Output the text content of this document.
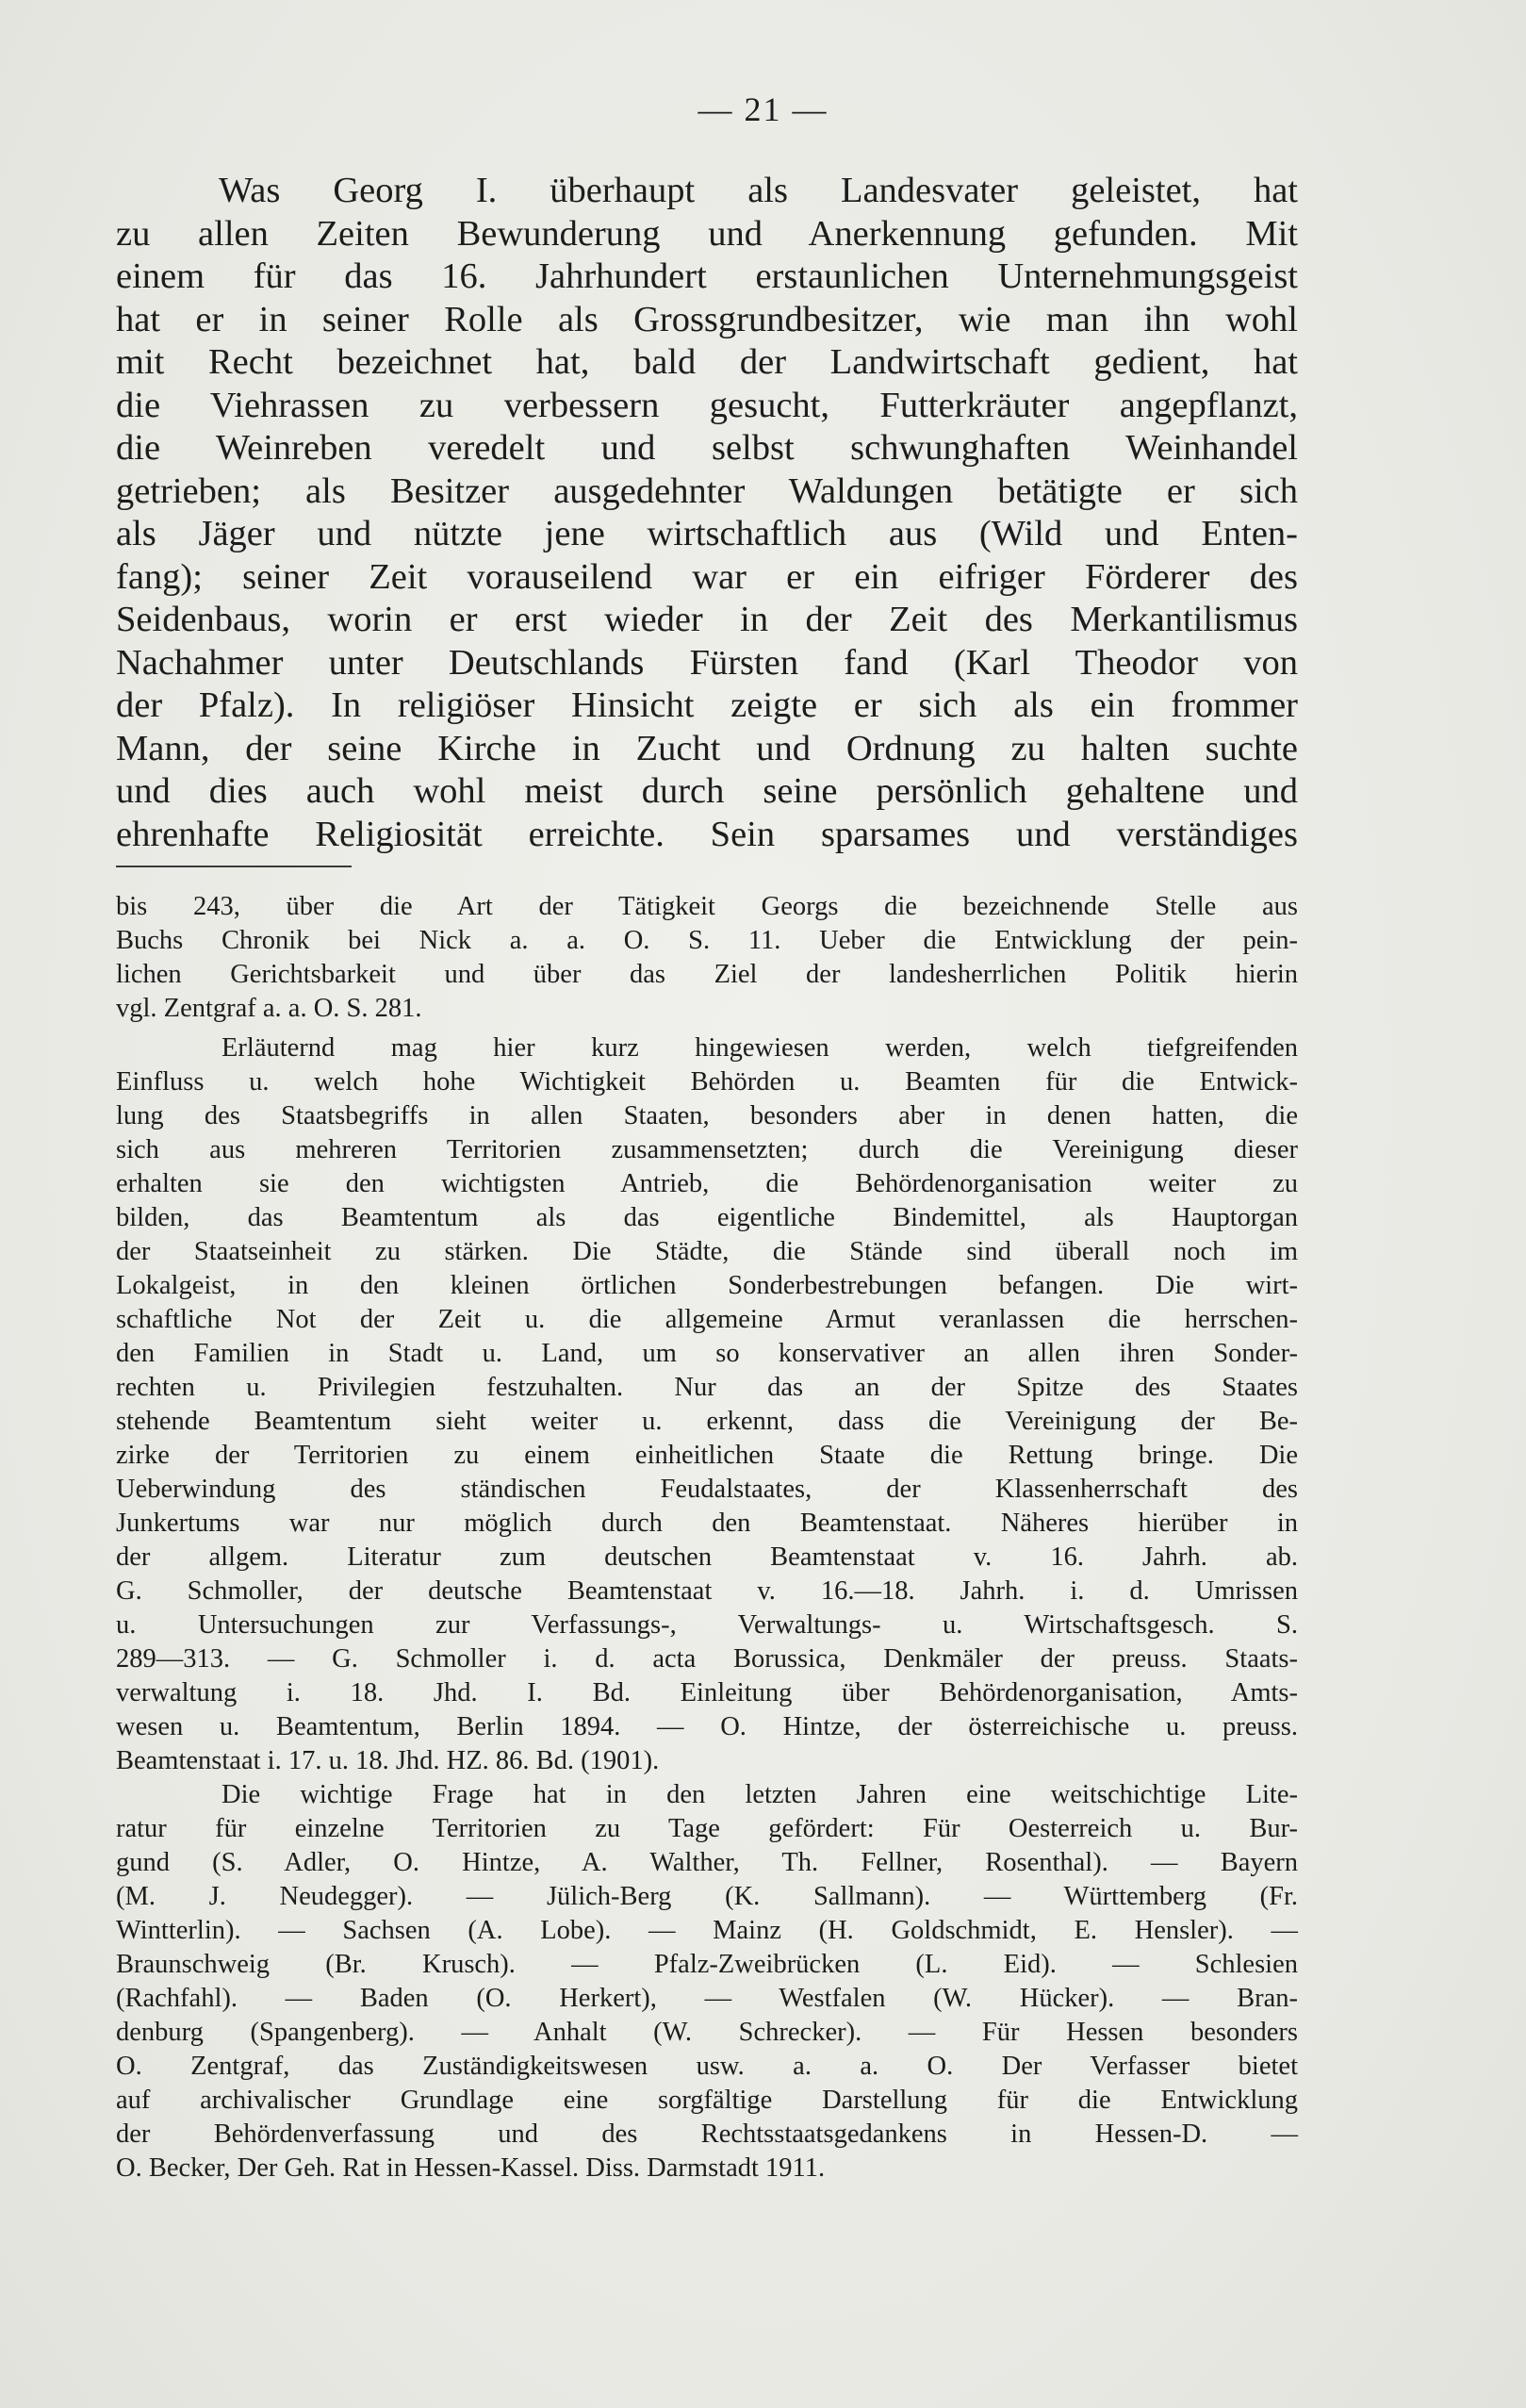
— 21 —
Was Georg I. überhaupt als Landesvater geleistet, hat
zu allen Zeiten Bewunderung und Anerkennung gefunden. Mit
einem für das 16. Jahrhundert erstaunlichen Unternehmungsgeist
hat er in seiner Rolle als Grossgrundbesitzer, wie man ihn wohl
mit Recht bezeichnet hat, bald der Landwirtschaft gedient, hat
die Viehrassen zu verbessern gesucht, Futterkräuter angepflanzt,
die Weinreben veredelt und selbst schwunghaften Weinhandel
getrieben; als Besitzer ausgedehnter Waldungen betätigte er sich
als Jäger und nützte jene wirtschaftlich aus (Wild und Enten-
fang); seiner Zeit vorauseilend war er ein eifriger Förderer des
Seidenbaus, worin er erst wieder in der Zeit des Merkantilismus
Nachahmer unter Deutschlands Fürsten fand (Karl Theodor von
der Pfalz). In religiöser Hinsicht zeigte er sich als ein frommer
Mann, der seine Kirche in Zucht und Ordnung zu halten suchte
und dies auch wohl meist durch seine persönlich gehaltene und
ehrenhafte Religiosität erreichte. Sein sparsames und verständiges
bis 243, über die Art der Tätigkeit Georgs die bezeichnende Stelle aus
Buchs Chronik bei Nick a. a. O. S. 11. Ueber die Entwicklung der pein-
lichen Gerichtsbarkeit und über das Ziel der landesherrlichen Politik hierin
vgl. Zentgraf a. a. O. S. 281.
Erläuternd mag hier kurz hingewiesen werden, welch tiefgreifenden
Einfluss u. welch hohe Wichtigkeit Behörden u. Beamten für die Entwick-
lung des Staatsbegriffs in allen Staaten, besonders aber in denen hatten, die
sich aus mehreren Territorien zusammensetzten; durch die Vereinigung dieser
erhalten sie den wichtigsten Antrieb, die Behördenorganisation weiter zu
bilden, das Beamtentum als das eigentliche Bindemittel, als Hauptorgan
der Staatseinheit zu stärken. Die Städte, die Stände sind überall noch im
Lokalgeist, in den kleinen örtlichen Sonderbestrebungen befangen. Die wirt-
schaftliche Not der Zeit u. die allgemeine Armut veranlassen die herrschen-
den Familien in Stadt u. Land, um so konservativer an allen ihren Sonder-
rechten u. Privilegien festzuhalten. Nur das an der Spitze des Staates
stehende Beamtentum sieht weiter u. erkennt, dass die Vereinigung der Be-
zirke der Territorien zu einem einheitlichen Staate die Rettung bringe. Die
Ueberwindung des ständischen Feudalstaates, der Klassenherrschaft des
Junkertums war nur möglich durch den Beamtenstaat. Näheres hierüber in
der allgem. Literatur zum deutschen Beamtenstaat v. 16. Jahrh. ab.
G. Schmoller, der deutsche Beamtenstaat v. 16.—18. Jahrh. i. d. Umrissen
u. Untersuchungen zur Verfassungs-, Verwaltungs- u. Wirtschaftsgesch. S.
289—313. — G. Schmoller i. d. acta Borussica, Denkmäler der preuss. Staats-
verwaltung i. 18. Jhd. I. Bd. Einleitung über Behördenorganisation, Amts-
wesen u. Beamtentum, Berlin 1894. — O. Hintze, der österreichische u. preuss.
Beamtenstaat i. 17. u. 18. Jhd. HZ. 86. Bd. (1901).
Die wichtige Frage hat in den letzten Jahren eine weitschichtige Lite-
ratur für einzelne Territorien zu Tage gefördert: Für Oesterreich u. Bur-
gund (S. Adler, O. Hintze, A. Walther, Th. Fellner, Rosenthal). — Bayern
(M. J. Neudegger). — Jülich-Berg (K. Sallmann). — Württemberg (Fr.
Wintterlin). — Sachsen (A. Lobe). — Mainz (H. Goldschmidt, E. Hensler). —
Braunschweig (Br. Krusch). — Pfalz-Zweibrücken (L. Eid). — Schlesien
(Rachfahl). — Baden (O. Herkert), — Westfalen (W. Hücker). — Bran-
denburg (Spangenberg). — Anhalt (W. Schrecker). — Für Hessen besonders
O. Zentgraf, das Zuständigkeitswesen usw. a. a. O. Der Verfasser bietet
auf archivalischer Grundlage eine sorgfältige Darstellung für die Entwicklung
der Behördenverfassung und des Rechtsstaatsgedankens in Hessen-D. —
O. Becker, Der Geh. Rat in Hessen-Kassel. Diss. Darmstadt 1911.
